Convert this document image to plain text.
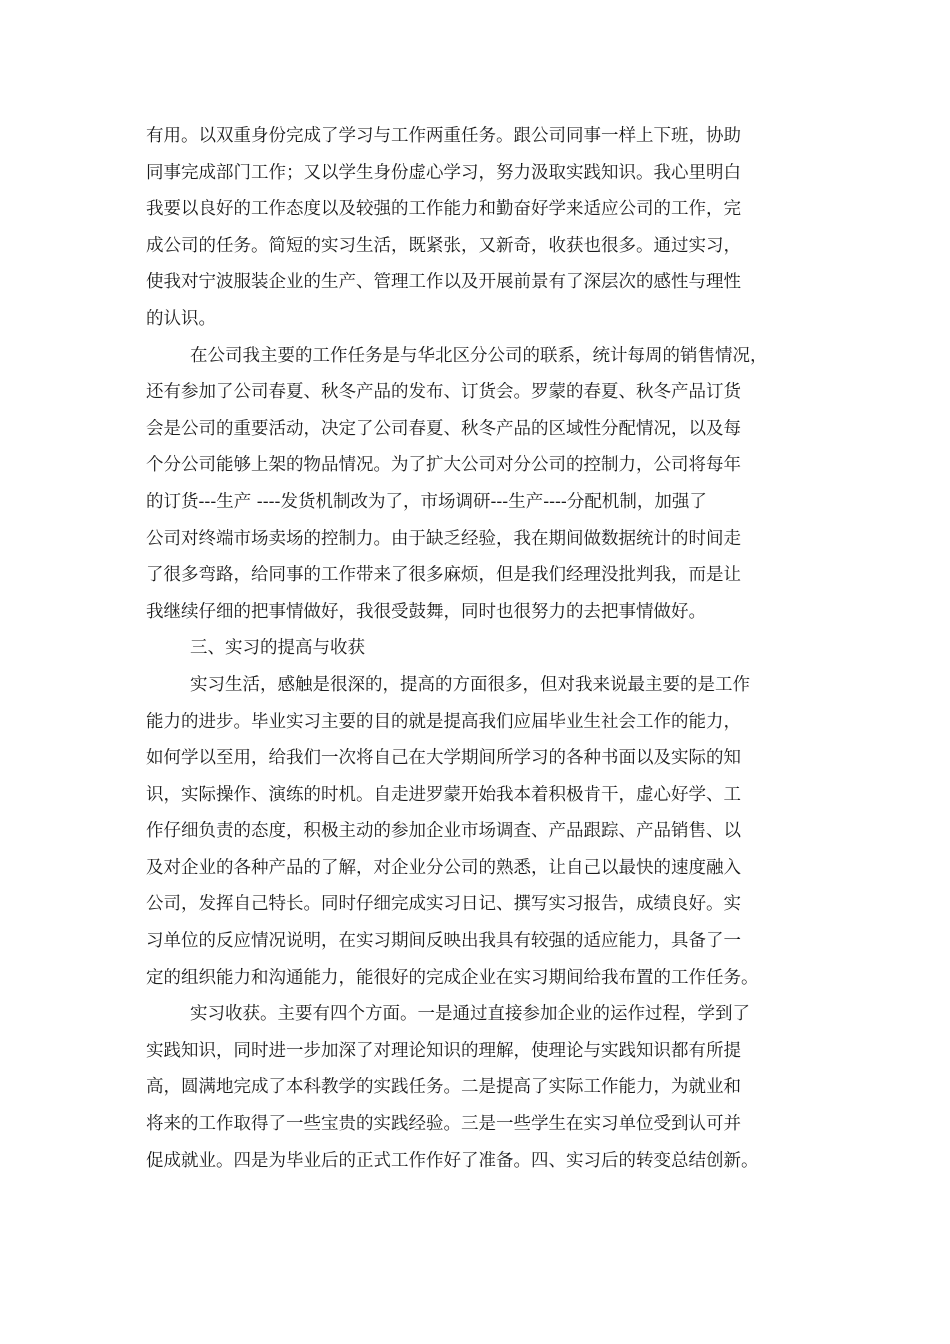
有用。以双重身份完成了学习与工作两重任务。跟公司同事一样上下班，协助
同事完成部门工作；又以学生身份虚心学习，努力汲取实践知识。我心里明白
我要以良好的工作态度以及较强的工作能力和勤奋好学来适应公司的工作，完
成公司的任务。简短的实习生活，既紧张，又新奇，收获也很多。通过实习，
使我对宁波服装企业的生产、管理工作以及开展前景有了深层次的感性与理性
的认识。
在公司我主要的工作任务是与华北区分公司的联系，统计每周的销售情况，
还有参加了公司春夏、秋冬产品的发布、订货会。罗蒙的春夏、秋冬产品订货
会是公司的重要活动，决定了公司春夏、秋冬产品的区域性分配情况，以及每
个分公司能够上架的物品情况。为了扩大公司对分公司的控制力，公司将每年
的订货---生产 ----发货机制改为了，市场调研---生产----分配机制，加强了
公司对终端市场卖场的控制力。由于缺乏经验，我在期间做数据统计的时间走
了很多弯路，给同事的工作带来了很多麻烦，但是我们经理没批判我，而是让
我继续仔细的把事情做好，我很受鼓舞，同时也很努力的去把事情做好。
三、实习的提高与收获
实习生活，感触是很深的，提高的方面很多，但对我来说最主要的是工作
能力的进步。毕业实习主要的目的就是提高我们应届毕业生社会工作的能力，
如何学以至用，给我们一次将自己在大学期间所学习的各种书面以及实际的知
识，实际操作、演练的时机。自走进罗蒙开始我本着积极肯干，虚心好学、工
作仔细负责的态度，积极主动的参加企业市场调查、产品跟踪、产品销售、以
及对企业的各种产品的了解，对企业分公司的熟悉，让自己以最快的速度融入
公司，发挥自己特长。同时仔细完成实习日记、撰写实习报告，成绩良好。实
习单位的反应情况说明，在实习期间反映出我具有较强的适应能力，具备了一
定的组织能力和沟通能力，能很好的完成企业在实习期间给我布置的工作任务。
实习收获。主要有四个方面。一是通过直接参加企业的运作过程，学到了
实践知识，同时进一步加深了对理论知识的理解，使理论与实践知识都有所提
高，圆满地完成了本科教学的实践任务。二是提高了实际工作能力，为就业和
将来的工作取得了一些宝贵的实践经验。三是一些学生在实习单位受到认可并
促成就业。四是为毕业后的正式工作作好了准备。四、实习后的转变总结创新。
